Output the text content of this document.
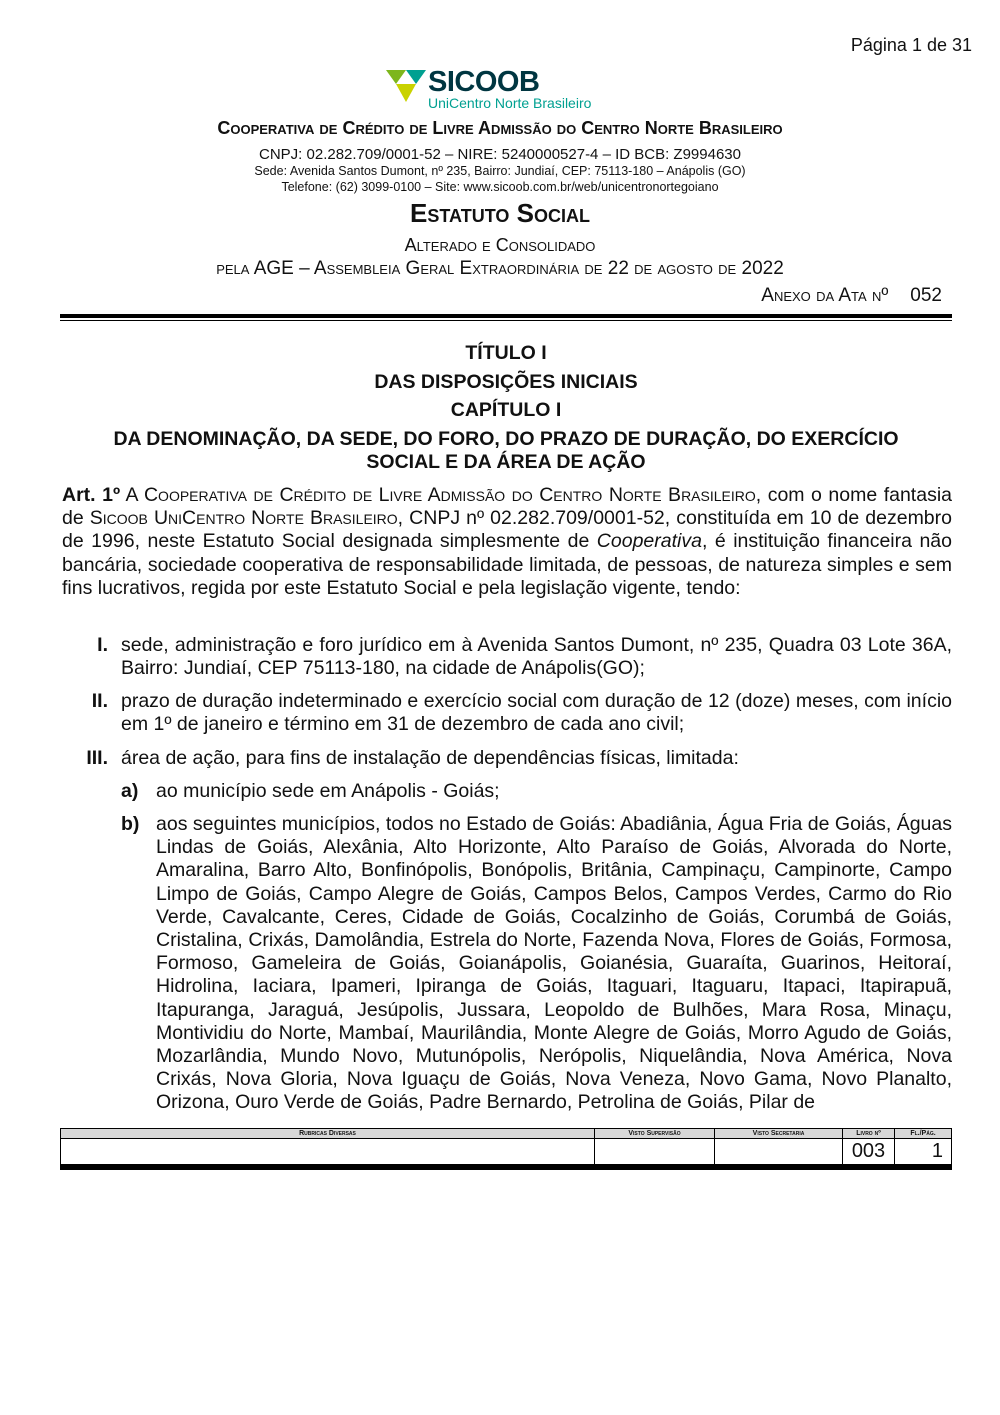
Página 1 de 31
SICOOB
UniCentro Norte Brasileiro
Cooperativa de Crédito de Livre Admissão do Centro Norte Brasileiro
CNPJ: 02.282.709/0001-52 – NIRE: 5240000527-4 – ID BCB: Z9994630
Sede: Avenida Santos Dumont, nº 235, Bairro: Jundiaí, CEP: 75113-180 – Anápolis (GO)
Telefone: (62) 3099-0100 – Site: www.sicoob.com.br/web/unicentronortegoiano
Estatuto Social
Alterado e Consolidado
pela AGE – Assembleia Geral Extraordinária de 22 de agosto de 2022
Anexo da Ata nº 052
TÍTULO I
DAS DISPOSIÇÕES INICIAIS
CAPÍTULO I
DA DENOMINAÇÃO, DA SEDE, DO FORO, DO PRAZO DE DURAÇÃO, DO EXERCÍCIO SOCIAL E DA ÁREA DE AÇÃO
Art. 1º A Cooperativa de Crédito de Livre Admissão do Centro Norte Brasileiro, com o nome fantasia de Sicoob UniCentro Norte Brasileiro, CNPJ nº 02.282.709/0001-52, constituída em 10 de dezembro de 1996, neste Estatuto Social designada simplesmente de Cooperativa, é instituição financeira não bancária, sociedade cooperativa de responsabilidade limitada, de pessoas, de natureza simples e sem fins lucrativos, regida por este Estatuto Social e pela legislação vigente, tendo:
I. sede, administração e foro jurídico em à Avenida Santos Dumont, nº 235, Quadra 03 Lote 36A, Bairro: Jundiaí, CEP 75113-180, na cidade de Anápolis(GO);
II. prazo de duração indeterminado e exercício social com duração de 12 (doze) meses, com início em 1º de janeiro e término em 31 de dezembro de cada ano civil;
III. área de ação, para fins de instalação de dependências físicas, limitada:
a) ao município sede em Anápolis - Goiás;
b) aos seguintes municípios, todos no Estado de Goiás: Abadiânia, Água Fria de Goiás, Águas Lindas de Goiás, Alexânia, Alto Horizonte, Alto Paraíso de Goiás, Alvorada do Norte, Amaralina, Barro Alto, Bonfinópolis, Bonópolis, Britânia, Campinaçu, Campinorte, Campo Limpo de Goiás, Campo Alegre de Goiás, Campos Belos, Campos Verdes, Carmo do Rio Verde, Cavalcante, Ceres, Cidade de Goiás, Cocalzinho de Goiás, Corumbá de Goiás, Cristalina, Crixás, Damolândia, Estrela do Norte, Fazenda Nova, Flores de Goiás, Formosa, Formoso, Gameleira de Goiás, Goianápolis, Goianésia, Guaraíta, Guarinos, Heitoraí, Hidrolina, Iaciara, Ipameri, Ipiranga de Goiás, Itaguari, Itaguaru, Itapaci, Itapirapuã, Itapuranga, Jaraguá, Jesúpolis, Jussara, Leopoldo de Bulhões, Mara Rosa, Minaçu, Montividiu do Norte, Mambaí, Maurilândia, Monte Alegre de Goiás, Morro Agudo de Goiás, Mozarlândia, Mundo Novo, Mutunópolis, Nerópolis, Niquelândia, Nova América, Nova Crixás, Nova Gloria, Nova Iguaçu de Goiás, Nova Veneza, Novo Gama, Novo Planalto, Orizona, Ouro Verde de Goiás, Padre Bernardo, Petrolina de Goiás, Pilar de
Rubricas Diversas	Visto Supervisão	Visto Secretaria	Livro nº	Fl./Pág.
			003	1
